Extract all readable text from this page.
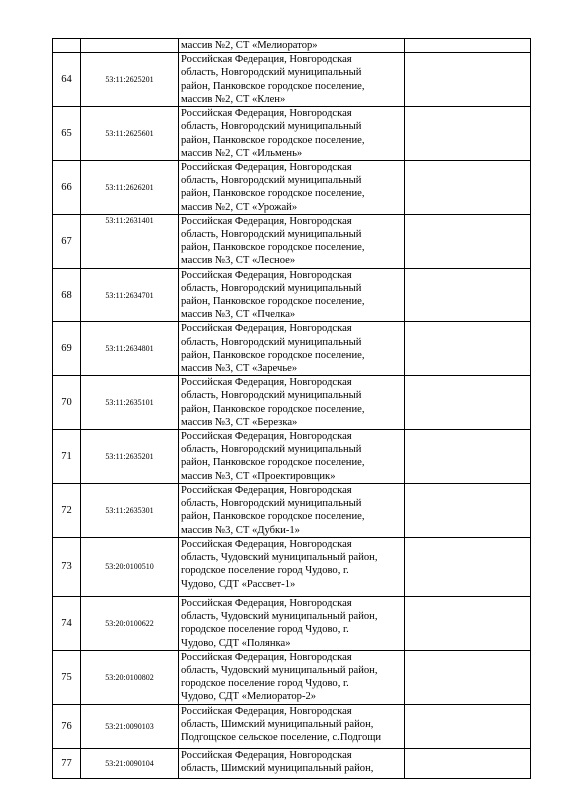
		массив №2, СТ «Мелиоратор»	

64	53:11:2625201	Российская Федерация, Новгородская
область, Новгородский муниципальный
район, Панковское городское поселение,
массив №2, СТ «Клен»	

65	53:11:2625601	Российская Федерация, Новгородская
область, Новгородский муниципальный
район, Панковское городское поселение,
массив №2, СТ «Ильмень»	

66	53:11:2626201	Российская Федерация, Новгородская
область, Новгородский муниципальный
район, Панковское городское поселение,
массив №2, СТ «Урожай»	

67	53:11:2631401	Российская Федерация, Новгородская
область, Новгородский муниципальный
район, Панковское городское поселение,
массив №3, СТ «Лесное»	

68	53:11:2634701	Российская Федерация, Новгородская
область, Новгородский муниципальный
район, Панковское городское поселение,
массив №3, СТ «Пчелка»	

69	53:11:2634801	Российская Федерация, Новгородская
область, Новгородский муниципальный
район, Панковское городское поселение,
массив №3, СТ «Заречье»	

70	53:11:2635101	Российская Федерация, Новгородская
область, Новгородский муниципальный
район, Панковское городское поселение,
массив №3, СТ «Березка»	

71	53:11:2635201	Российская Федерация, Новгородская
область, Новгородский муниципальный
район, Панковское городское поселение,
массив №3, СТ «Проектировщик»	

72	53:11:2635301	Российская Федерация, Новгородская
область, Новгородский муниципальный
район, Панковское городское поселение,
массив №3, СТ «Дубки-1»	

73	53:20:0100510	Российская Федерация, Новгородская
область, Чудовский муниципальный район,
городское поселение город Чудово, г.
Чудово, СДТ «Рассвет-1»	

74	53:20:0100622	Российская Федерация, Новгородская
область, Чудовский муниципальный район,
городское поселение город Чудово, г.
Чудово, СДТ «Полянка»	

75	53:20:0100802	Российская Федерация, Новгородская
область, Чудовский муниципальный район,
городское поселение город Чудово, г.
Чудово, СДТ «Мелиоратор-2»	

76	53:21:0090103	Российская Федерация, Новгородская
область, Шимский муниципальный район,
Подгощское сельское поселение, с.Подгощи	

77	53:21:0090104	Российская Федерация, Новгородская
область, Шимский муниципальный район,	
